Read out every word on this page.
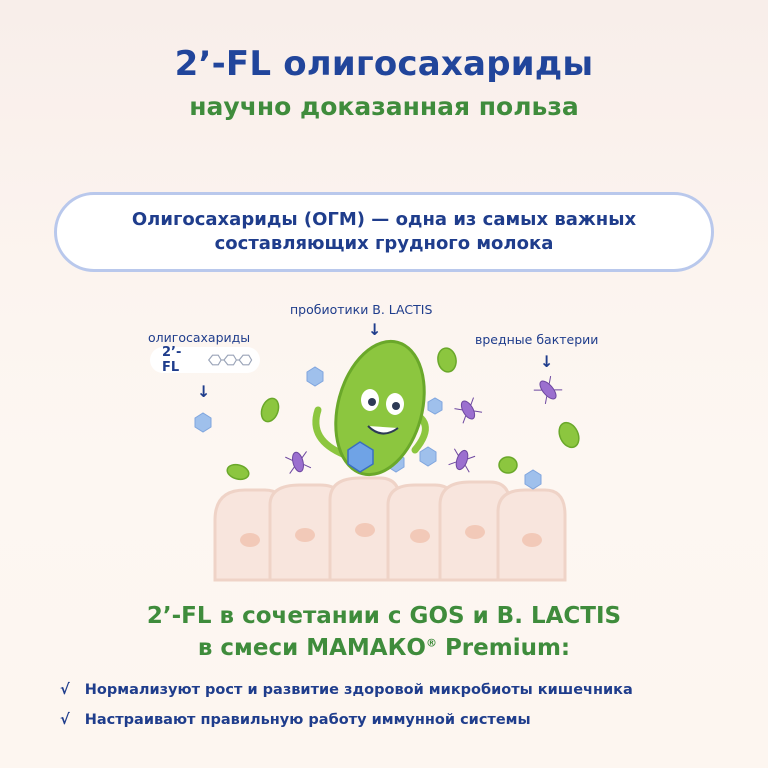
2’-FL олигосахариды
научно доказанная польза
Олигосахариды (ОГМ) — одна из самых важных
составляющих грудного молока
олигосахариды
2’-FL
↓
пробиотики B. LACTIS
↓
вредные бактерии
↓
2’-FL в сочетании с GOS и B. LACTIS
в смеси МАМАКО® Premium:
√ Нормализуют рост и развитие здоровой микробиоты кишечника
√ Настраивают правильную работу иммунной системы
